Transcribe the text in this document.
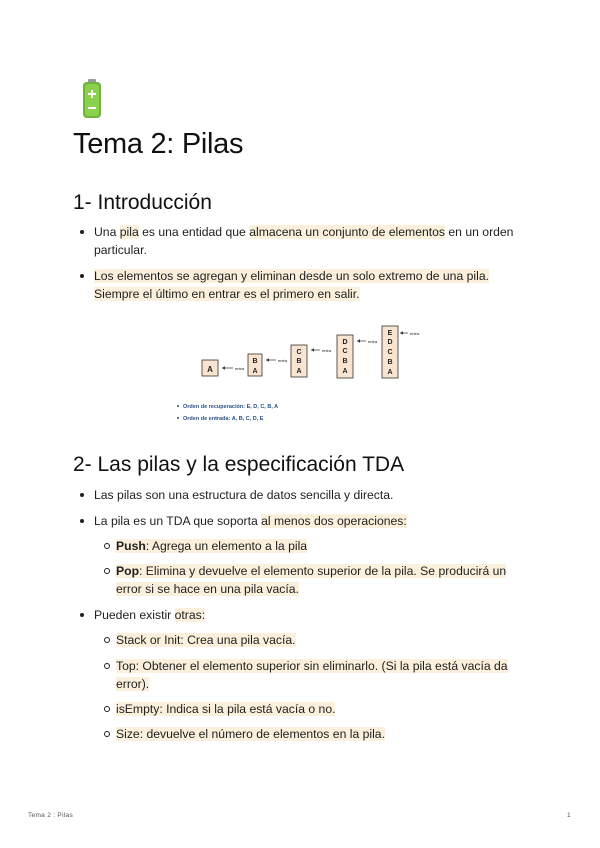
Tema 2: Pilas
1- Introducción
Una pila es una entidad que almacena un conjunto de elementos en un orden particular.
Los elementos se agregan y eliminan desde un solo extremo de una pila.
Siempre el último en entrar es el primero en salir.
A	entra
B
A
entra
C
B
A
entra
D
C
B
A
entra
E
D
C
B
A
entra
Orden de recuperación: E, D, C, B, A
Orden de entrada: A, B, C, D, E
2- Las pilas y la especificación TDA
Las pilas son una estructura de datos sencilla y directa.
La pila es un TDA que soporta al menos dos operaciones:
Push: Agrega un elemento a la pila
Pop: Elimina y devuelve el elemento superior de la pila. Se producirá un error si se hace en una pila vacía.
Pueden existir otras:
Stack or Init: Crea una pila vacía.
Top: Obtener el elemento superior sin eliminarlo. (Si la pila está vacía da error).
isEmpty: Indica si la pila está vacía o no.
Size: devuelve el número de elementos en la pila.
Tema 2 : Pilas	1
